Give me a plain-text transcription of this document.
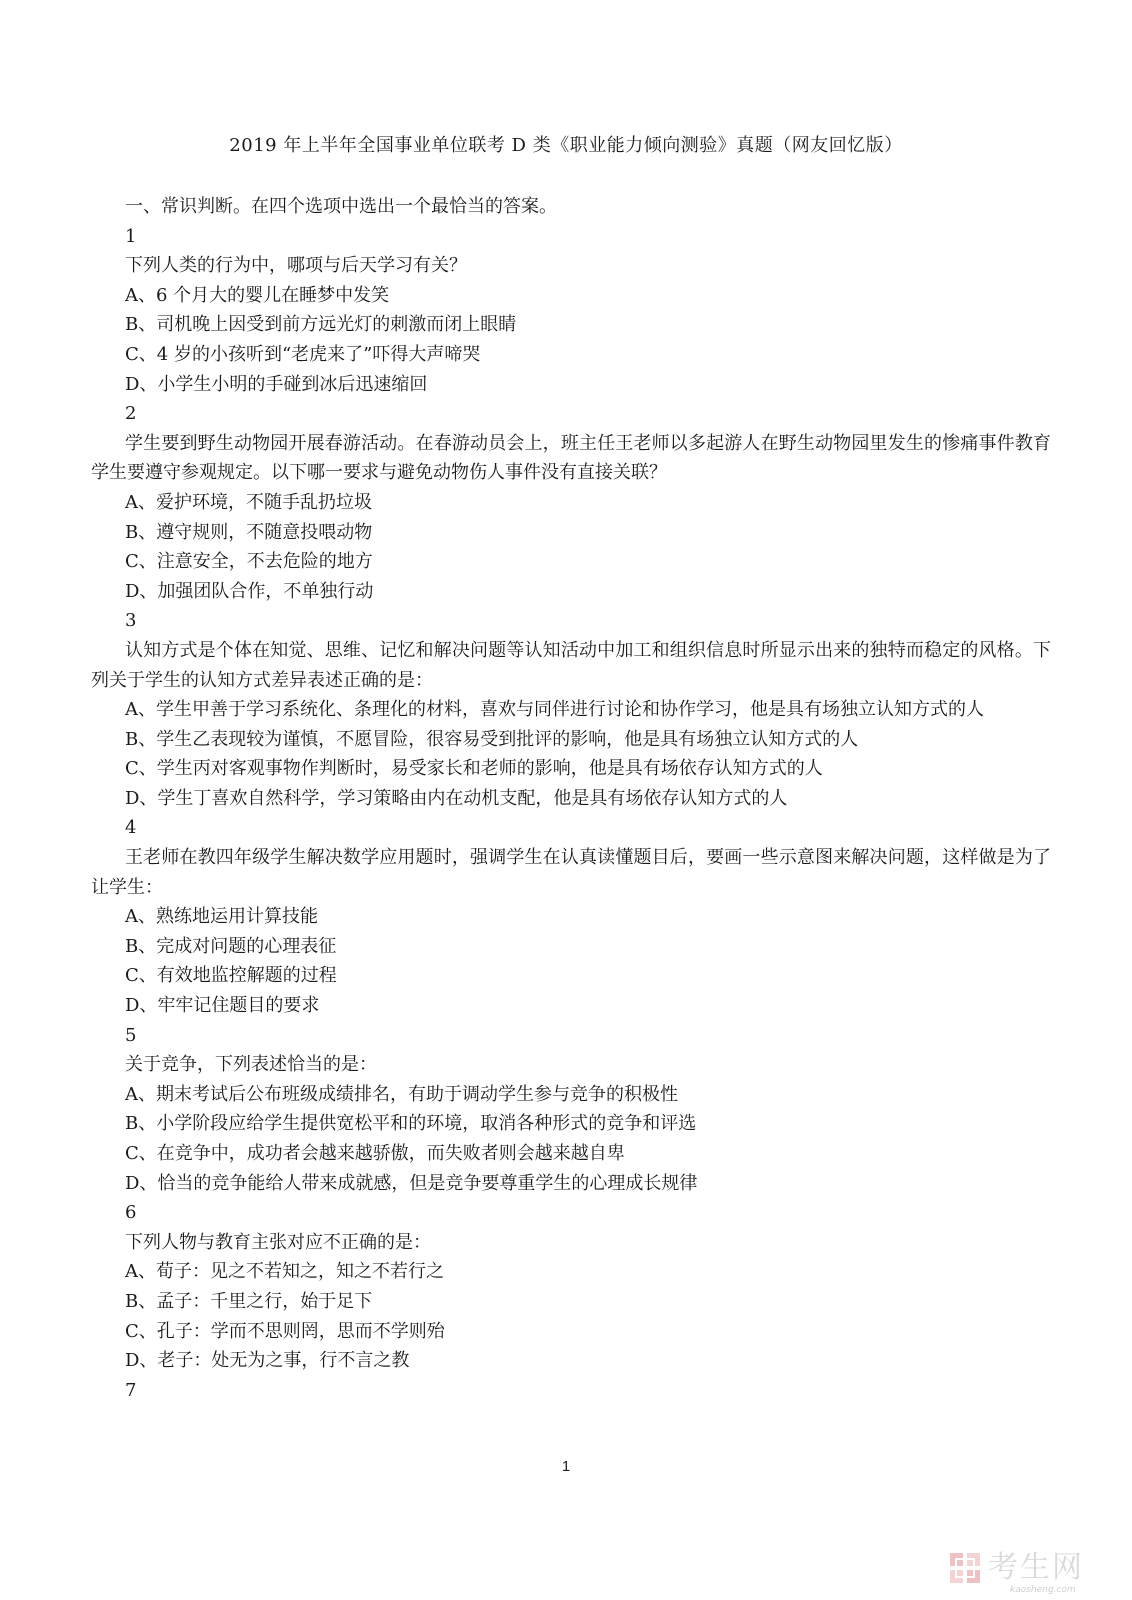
2019 年上半年全国事业单位联考 D 类《职业能力倾向测验》真题（网友回忆版）

一、常识判断。在四个选项中选出一个最恰当的答案。

1

下列人类的行为中，哪项与后天学习有关？

A、6 个月大的婴儿在睡梦中发笑

B、司机晚上因受到前方远光灯的刺激而闭上眼睛

C、4 岁的小孩听到“老虎来了”吓得大声啼哭

D、小学生小明的手碰到冰后迅速缩回

2

学生要到野生动物园开展春游活动。在春游动员会上，班主任王老师以多起游人在野生动物园里发生的惨痛事件教育学生要遵守参观规定。以下哪一要求与避免动物伤人事件没有直接关联？

A、爱护环境，不随手乱扔垃圾

B、遵守规则，不随意投喂动物

C、注意安全，不去危险的地方

D、加强团队合作，不单独行动

3

认知方式是个体在知觉、思维、记忆和解决问题等认知活动中加工和组织信息时所显示出来的独特而稳定的风格。下列关于学生的认知方式差异表述正确的是：

A、学生甲善于学习系统化、条理化的材料，喜欢与同伴进行讨论和协作学习，他是具有场独立认知方式的人

B、学生乙表现较为谨慎，不愿冒险，很容易受到批评的影响，他是具有场独立认知方式的人

C、学生丙对客观事物作判断时，易受家长和老师的影响，他是具有场依存认知方式的人

D、学生丁喜欢自然科学，学习策略由内在动机支配，他是具有场依存认知方式的人

4

王老师在教四年级学生解决数学应用题时，强调学生在认真读懂题目后，要画一些示意图来解决问题，这样做是为了让学生：

A、熟练地运用计算技能

B、完成对问题的心理表征

C、有效地监控解题的过程

D、牢牢记住题目的要求

5

关于竞争，下列表述恰当的是：

A、期末考试后公布班级成绩排名，有助于调动学生参与竞争的积极性

B、小学阶段应给学生提供宽松平和的环境，取消各种形式的竞争和评选

C、在竞争中，成功者会越来越骄傲，而失败者则会越来越自卑

D、恰当的竞争能给人带来成就感，但是竞争要尊重学生的心理成长规律

6

下列人物与教育主张对应不正确的是：

A、荀子：见之不若知之，知之不若行之

B、孟子：千里之行，始于足下

C、孔子：学而不思则罔，思而不学则殆

D、老子：处无为之事，行不言之教

7

1
考生网
kaosheng.com
